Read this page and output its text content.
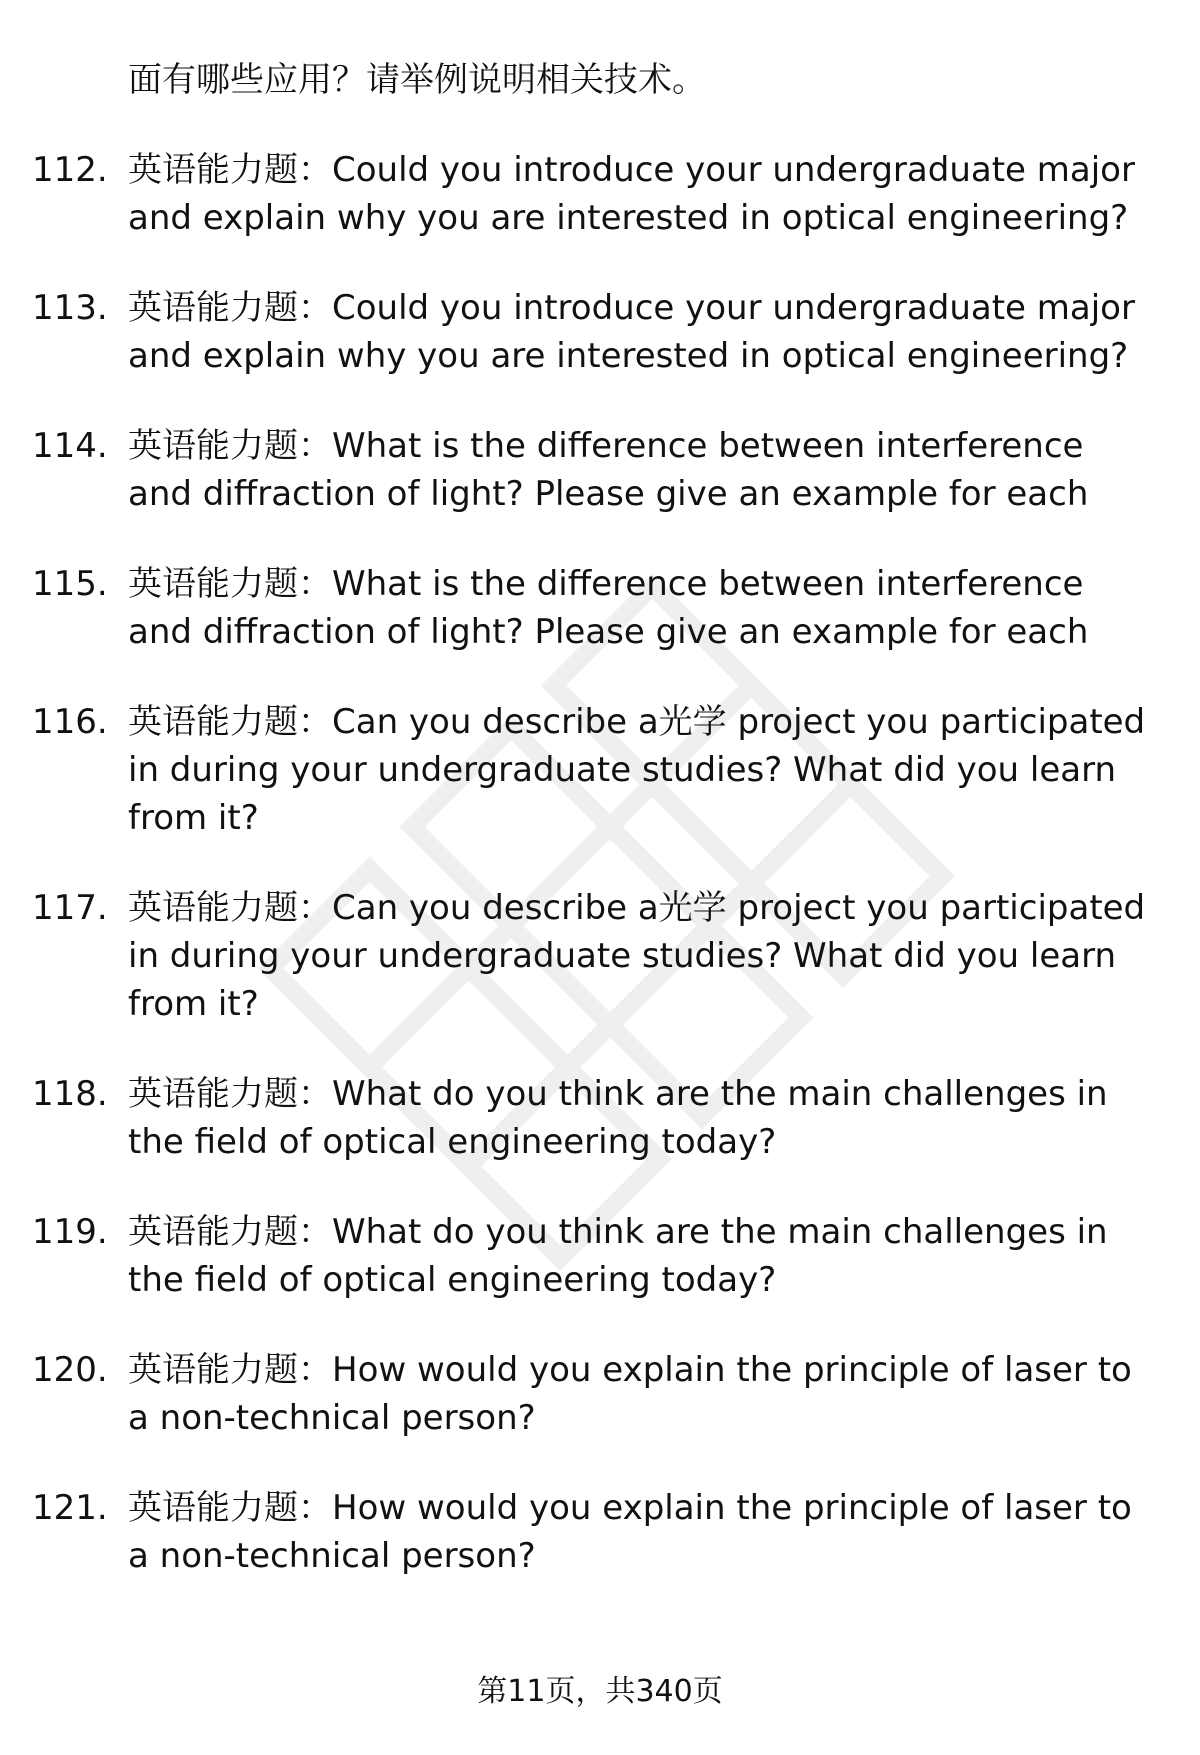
面有哪些应用？请举例说明相关技术。
112. 英语能力题：Could you introduce your undergraduate major and explain why you are interested in optical engineering?
113. 英语能力题：Could you introduce your undergraduate major and explain why you are interested in optical engineering?
114. 英语能力题：What is the difference between interference and diffraction of light? Please give an example for each
115. 英语能力题：What is the difference between interference and diffraction of light? Please give an example for each
116. 英语能力题：Can you describe a光学 project you participated in during your undergraduate studies? What did you learn from it?
117. 英语能力题：Can you describe a光学 project you participated in during your undergraduate studies? What did you learn from it?
118. 英语能力题：What do you think are the main challenges in the field of optical engineering today?
119. 英语能力题：What do you think are the main challenges in the field of optical engineering today?
120. 英语能力题：How would you explain the principle of laser to a non-technical person?
121. 英语能力题：How would you explain the principle of laser to a non-technical person?
第11页，共340页
